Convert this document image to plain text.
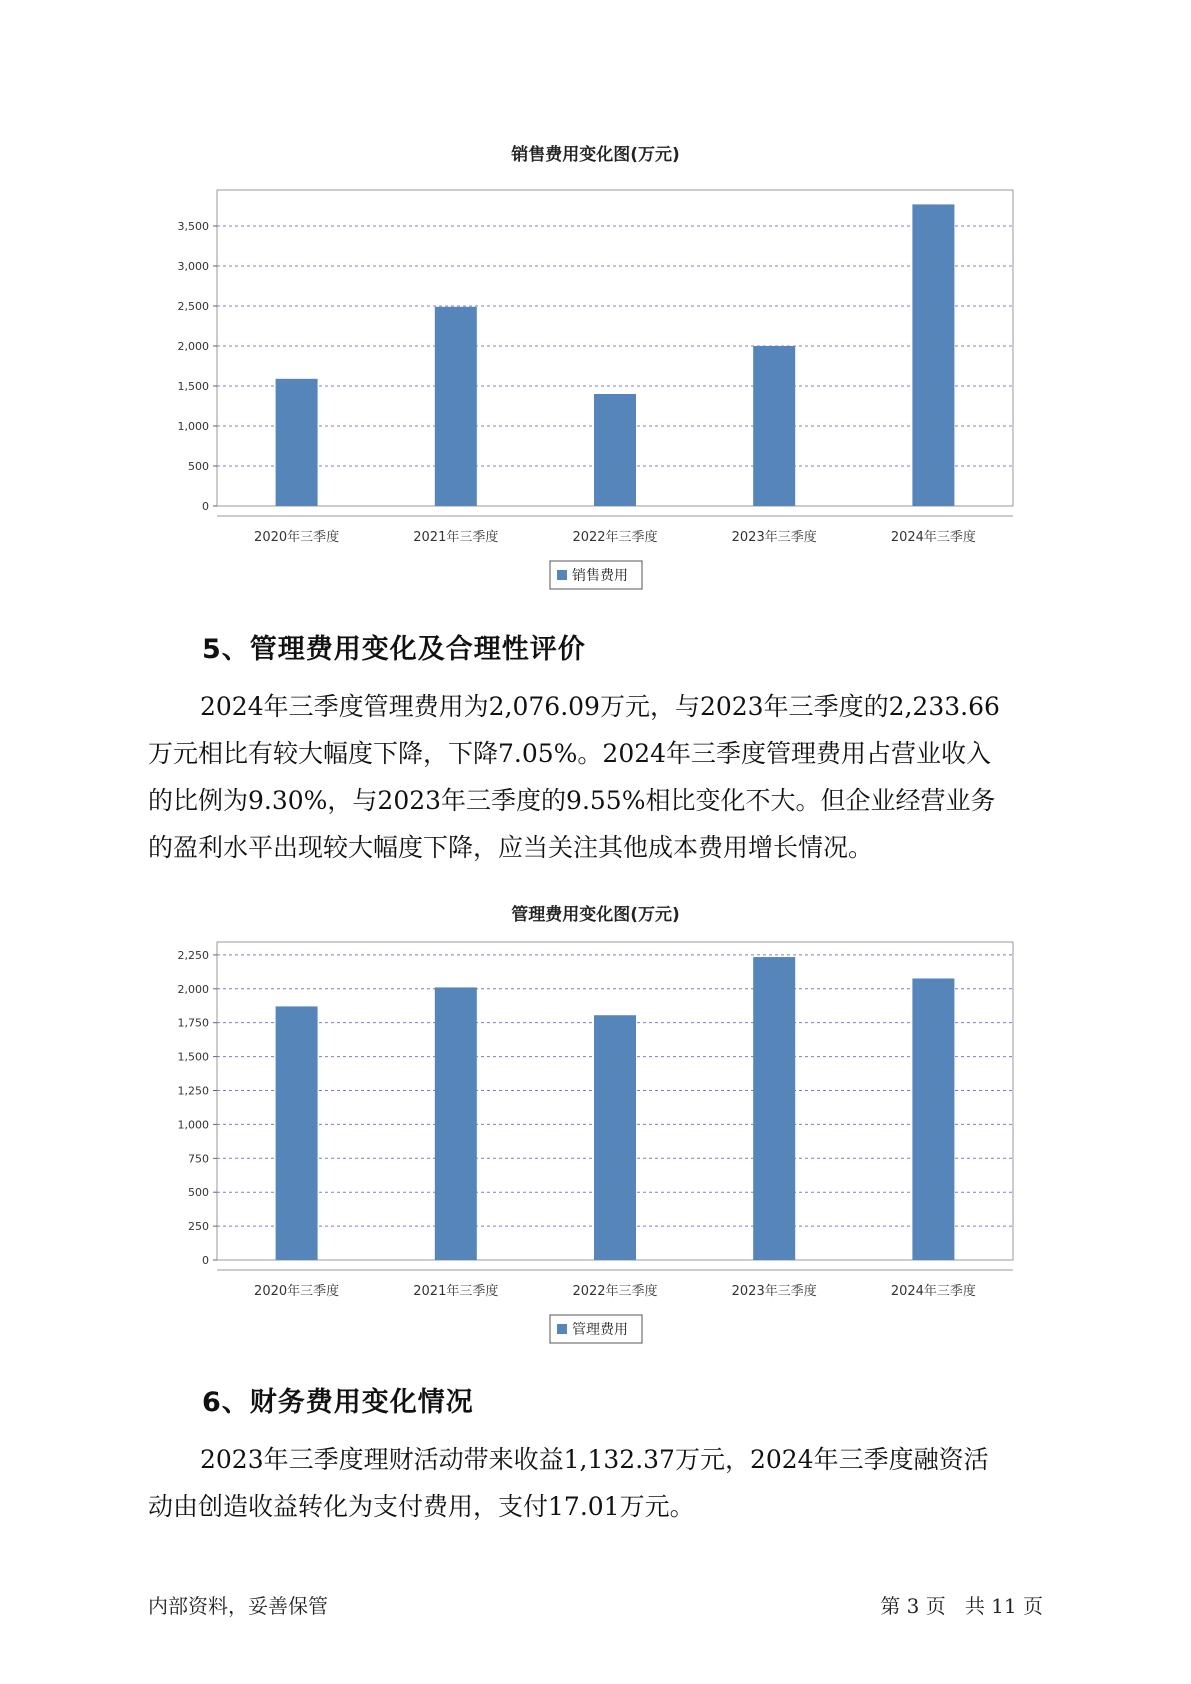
销售费用变化图(万元)
0
500
1,000
1,500
2,000
2,500
3,000
3,500
2020年三季度	2021年三季度	2022年三季度	2023年三季度	2024年三季度
销售费用
5、管理费用变化及合理性评价

2024年三季度管理费用为2,076.09万元，与2023年三季度的2,233.66

万元相比有较大幅度下降，下降7.05%。2024年三季度管理费用占营业收入

的比例为9.30%，与2023年三季度的9.55%相比变化不大。但企业经营业务

的盈利水平出现较大幅度下降，应当关注其他成本费用增长情况。

管理费用变化图(万元)
0
250
500
750
1,000
1,250
1,500
1,750
2,000
2,250
2020年三季度	2021年三季度	2022年三季度	2023年三季度	2024年三季度
管理费用
6、财务费用变化情况

2023年三季度理财活动带来收益1,132.37万元，2024年三季度融资活

动由创造收益转化为支付费用，支付17.01万元。

内部资料，妥善保管	第 3 页   共 11 页
